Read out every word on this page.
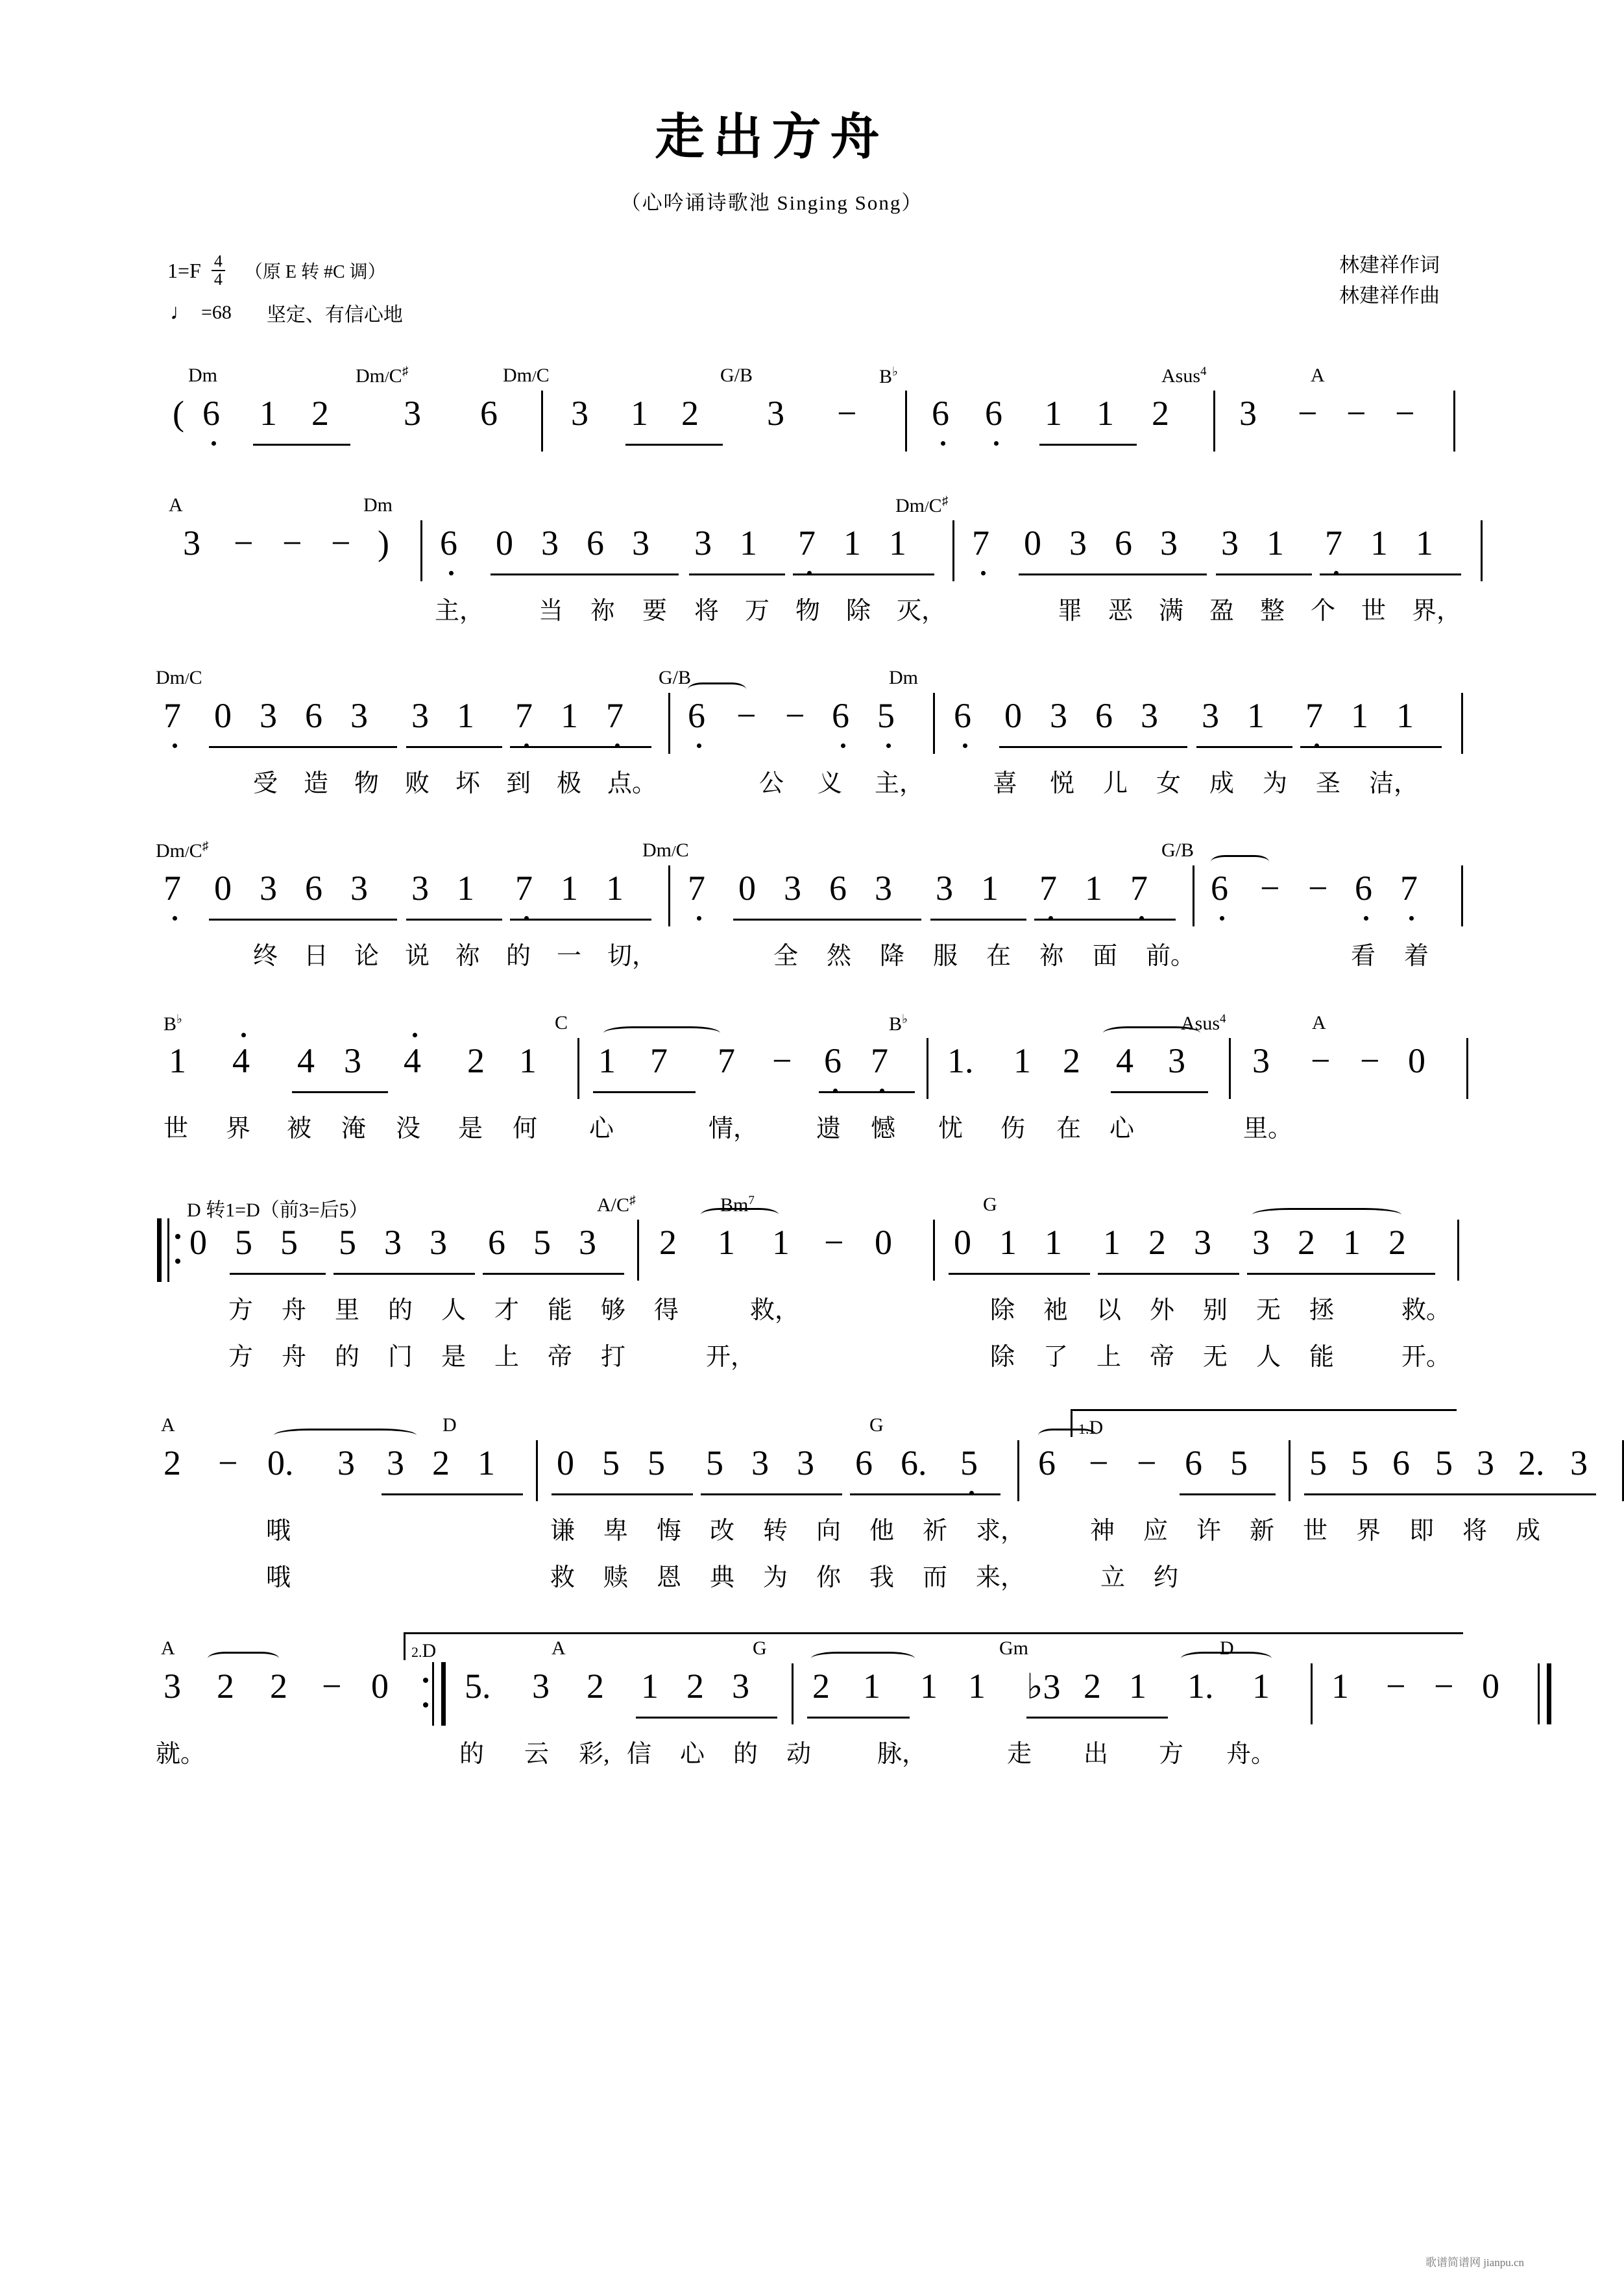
走出方舟
（心吟诵诗歌池 Singing Song）
$1=F \frac{4}{4}$ （原 E 转 #C 调）
♩ =68 坚定、有信心地
林建祥作词
林建祥作曲
Dm	Dm/C♯	Dm/C	G/B	B♭	Asus$^4$	A
( 6 1 2 3 6 3 1 2 3 − 6 6 1 1 2 3 − − −
A	Dm	Dm/C♯
3 − − − ) 6 0 3 6 3 3 1 7 1 1 7 0 3 6 3 3 1 7 1 1
主， 当 祢 要 将 万 物 除 灭，	罪 恶 满 盈 整 个 世 界，
Dm/C	G/B	Dm
7 0 3 6 3 3 1 7 1 7 6 − − 6 5 6 0 3 6 3 3 1 7 1 1
受 造 物 败 坏 到 极 点。	公 义 主，	喜 悦 儿 女 成 为 圣 洁，
Dm/C♯	Dm/C	G/B
7 0 3 6 3 3 1 7 1 1 7 0 3 6 3 3 1 7 1 7 6 − − 6 7
终 日 论 说 祢 的 一 切，	全 然 降 服 在 祢 面 前。	看 着
B♭	C	B♭	Asus$^4$	A
1 4 4 3 4 2 1 1 7 7 − 6 7 1. 1 2 4 3 3 − − 0
世 界 被 淹 没 是 何 心	情， 遗 憾 忧 伤 在 心	里。
D 转1=D（前3=后5）	A/C♯	Bm$^7$	G
0 5 5 5 3 3 6 5 3 2 1 1 − 0 0 1 1 1 2 3 3 2 1 2
方 舟 里 的 人 才 能 够 得	救，	除 祂 以 外 别 无 拯	救。
方 舟 的 门 是 上 帝 打	开，	除 了 上 帝 无 人 能	开。
A	D	G	1.D
2 − 0. 3 3 2 1 0 5 5 5 3 3 6 6. 5 6 − − 6 5 5 5 6 5 3 2. 3
哦	谦 卑 悔 改 转 向 他 祈 求，	神 应 许 新 世 界 即 将 成
哦	救 赎 恩 典 为 你 我 而 来，	立 约
A	2.D	A	G	Gm	D
3 2 2 − 0 5. 3 2 1 2 3 2 1 1 1 ♭3 2 1 1. 1 1 − − 0
就。	的 云 彩, 信 心 的 动	脉，	走 出 方 舟。
歌谱简谱网 jianpu.cn
